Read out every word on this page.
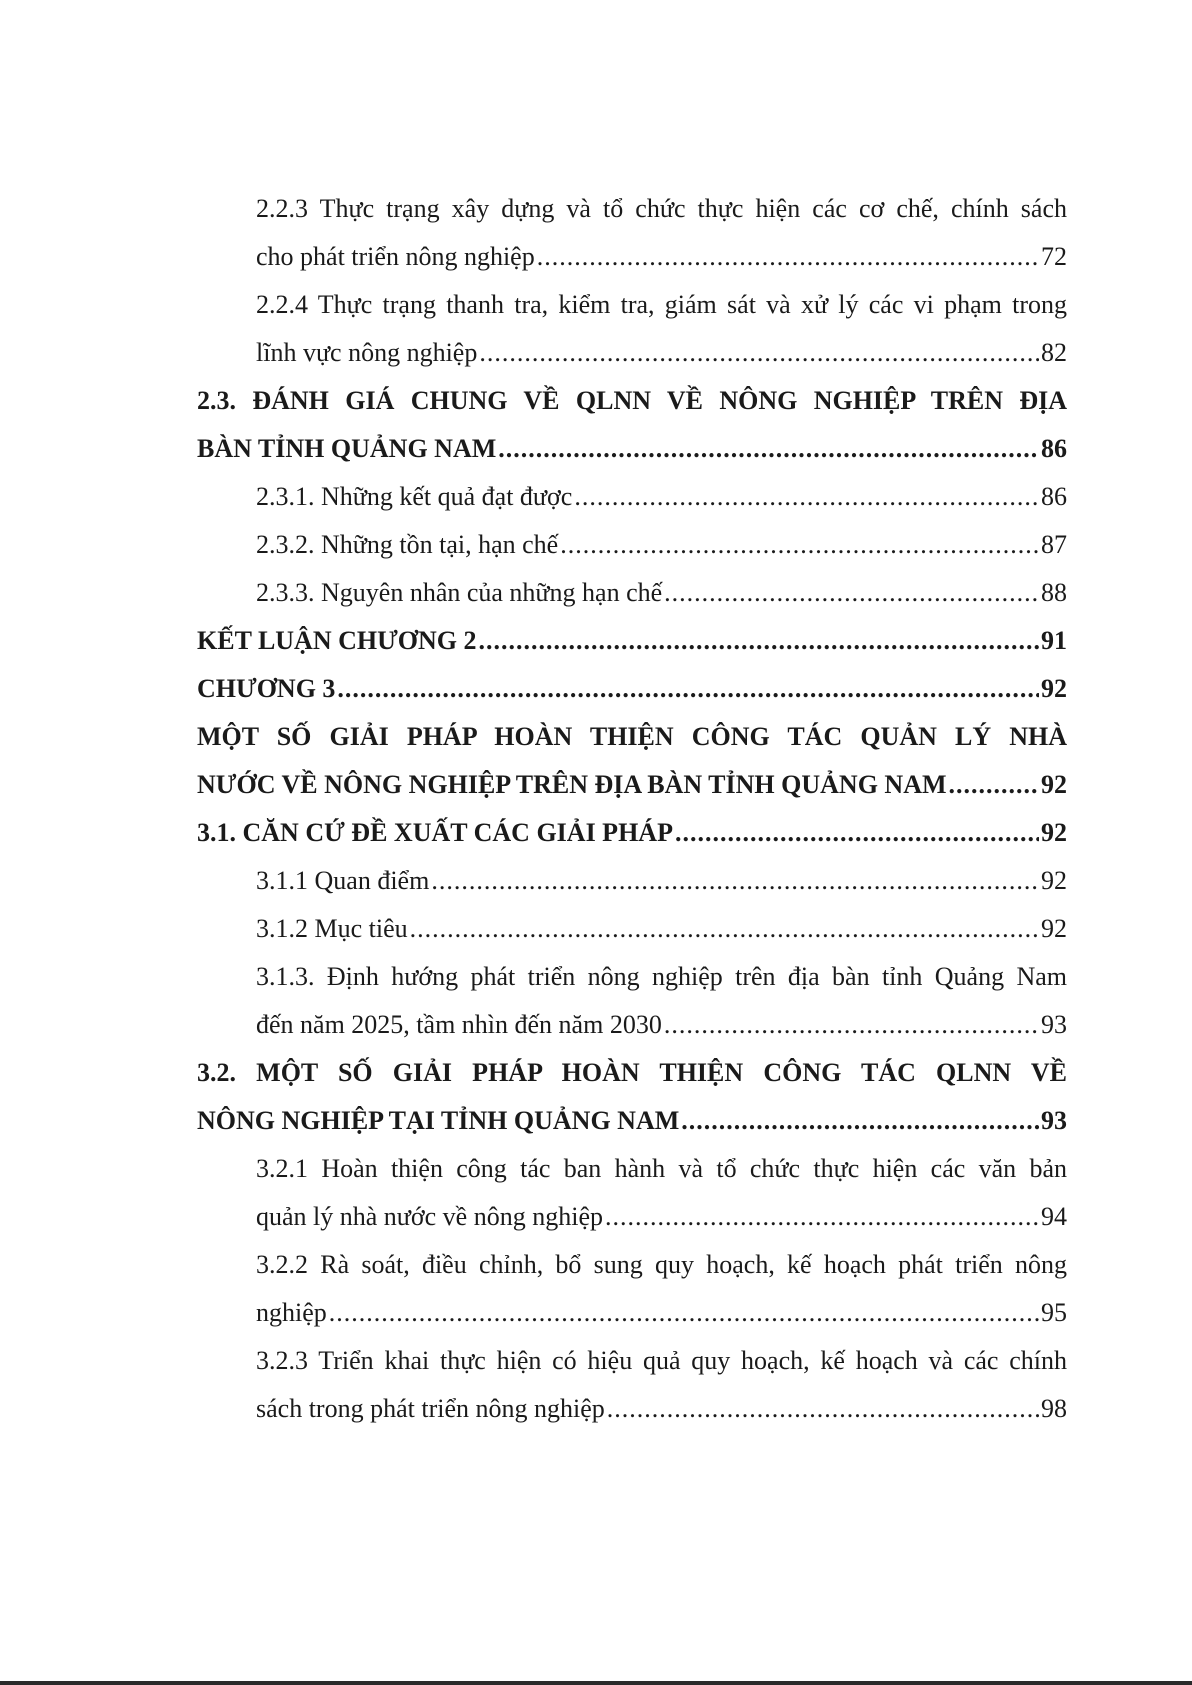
2.2.3 Thực trạng xây dựng và tổ chức thực hiện các cơ chế, chính sách
cho phát triển nông nghiệp .....	72
2.2.4 Thực trạng thanh tra, kiểm tra, giám sát và xử lý các vi phạm trong
lĩnh vực nông nghiệp .....	82
2.3. ĐÁNH GIÁ CHUNG VỀ QLNN VỀ NÔNG NGHIỆP TRÊN ĐỊA
BÀN TỈNH QUẢNG NAM .....	86
2.3.1. Những kết quả đạt được .....	86
2.3.2. Những tồn tại, hạn chế .....	87
2.3.3. Nguyên nhân của những hạn chế .....	88
KẾT LUẬN CHƯƠNG 2 .....	91
CHƯƠNG 3 .....	92
MỘT SỐ GIẢI PHÁP HOÀN THIỆN CÔNG TÁC QUẢN LÝ NHÀ
NƯỚC VỀ NÔNG NGHIỆP TRÊN ĐỊA BÀN TỈNH QUẢNG NAM .....	92
3.1. CĂN CỨ ĐỀ XUẤT CÁC GIẢI PHÁP .....	92
3.1.1 Quan điểm .....	92
3.1.2 Mục tiêu .....	92
3.1.3. Định hướng phát triển nông nghiệp trên địa bàn tỉnh Quảng Nam
đến năm 2025, tầm nhìn đến năm 2030 .....	93
3.2. MỘT SỐ GIẢI PHÁP HOÀN THIỆN CÔNG TÁC QLNN VỀ
NÔNG NGHIỆP TẠI TỈNH QUẢNG NAM .....	93
3.2.1 Hoàn thiện công tác ban hành và tổ chức thực hiện các văn bản
quản lý nhà nước về nông nghiệp .....	94
3.2.2 Rà soát, điều chỉnh, bổ sung quy hoạch, kế hoạch phát triển nông
nghiệp .....	95
3.2.3 Triển khai thực hiện có hiệu quả quy hoạch, kế hoạch và các chính
sách trong phát triển nông nghiệp .....	98
